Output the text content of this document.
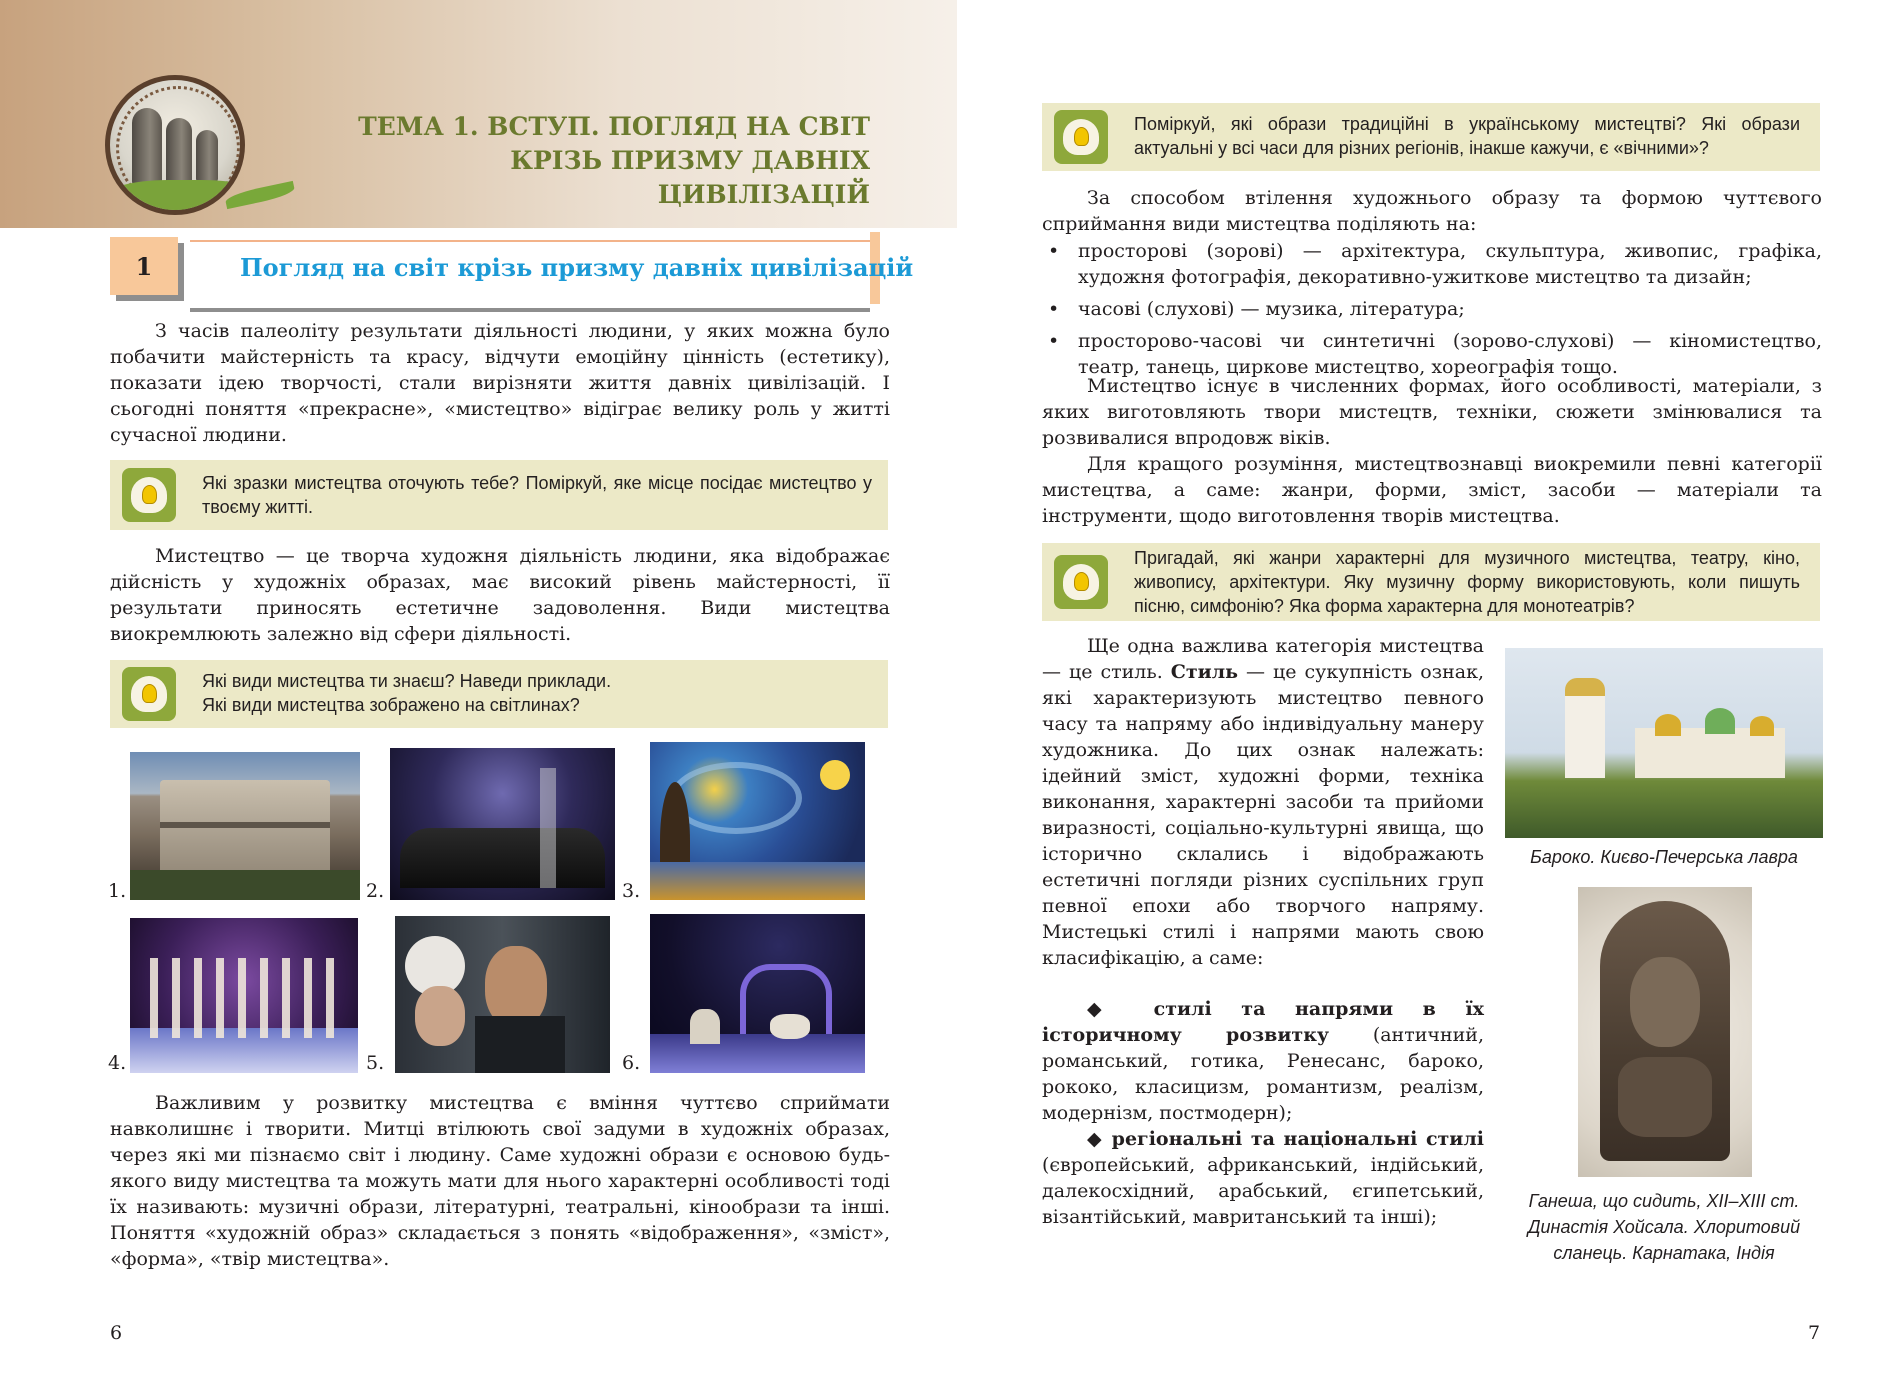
ТЕМА 1. ВСТУП. ПОГЛЯД НА СВІТ
КРІЗЬ ПРИЗМУ ДАВНІХ ЦИВІЛІЗАЦІЙ
1	Погляд на світ крізь призму давніх цивілізацій

З часів палеоліту результати діяльності людини, у яких можна було побачити майстерність та красу, відчути емоційну цінність (естетику), показати ідею творчості, стали вирізняти життя давніх цивілізацій. І сьогодні поняття «прекрасне», «мистецтво» відіграє велику роль у житті сучасної людини.

Які зразки мистецтва оточують тебе? Поміркуй, яке місце посідає мистецтво у твоєму житті.

Мистецтво — це творча художня діяльність людини, яка відображає дійсність у художніх образах, має високий рівень майстерності, її результати приносять естетичне задоволення. Види мистецтва виокремлюють залежно від сфери діяльності.

Які види мистецтва ти знаєш? Наведи приклади.
Які види мистецтва зображено на світлинах?
1.	2.	3.
4.	5.	6.

Важливим у розвитку мистецтва є вміння чуттєво сприймати навколишнє і творити. Митці втілюють свої задуми в художніх образах, через які ми пізнаємо світ і людину. Саме художні образи є основою будь-якого виду мистецтва та можуть мати для нього характерні особливості тоді їх називають: музичні образи, літературні, театральні, кінообрази та інші. Поняття «художній образ» складається з понять «відображення», «зміст», «форма», «твір мистецтва».

6
Поміркуй, які образи традиційні в українському мистецтві? Які образи актуальні у всі часи для різних регіонів, інакше кажучи, є «вічними»?

За способом втілення художнього образу та формою чуттєвого сприймання види мистецтва поділяють на:

• просторові (зорові) — архітектура, скульптура, живопис, графіка, художня фотографія, декоративно-ужиткове мистецтво та дизайн;
• часові (слухові) — музика, література;
• просторово-часові чи синтетичні (зорово-слухові) — кіномистецтво, театр, танець, циркове мистецтво, хореографія тощо.

Мистецтво існує в численних формах, його особливості, матеріали, з яких виготовляють твори мистецтв, техніки, сюжети змінювалися та розвивалися впродовж віків.

Для кращого розуміння, мистецтвознавці виокремили певні категорії мистецтва, а саме: жанри, форми, зміст, засоби — матеріали та інструменти, щодо виготовлення творів мистецтва.

Пригадай, які жанри характерні для музичного мистецтва, театру, кіно, живопису, архітектури. Яку музичну форму використовують, коли пишуть пісню, симфонію? Яка форма характерна для монотеатрів?

Ще одна важлива категорія мистецтва — це стиль. Стиль — це сукупність ознак, які характеризують мистецтво певного часу та напряму або індивідуальну манеру художника. До цих ознак належать: ідейний зміст, художні форми, техніка виконання, характерні засоби та прийоми виразності, соціально-культурні явища, що історично склались і відображають естетичні погляди різних суспільних груп певної епохи або творчого напряму. Мистецькі стилі і напрями мають свою класифікацію, а саме:

◆ стилі та напрями в їх історичному розвитку (античний, романський, готика, Ренесанс, бароко, рококо, класицизм, романтизм, реалізм, модернізм, постмодерн);

◆ регіональні та національні стилі (європейський, африканський, індійський, далекосхідний, арабський, єгипетський, візантійський, мавританський та інші);

Бароко. Києво-Печерська лавра
Ганеша, що сидить, XII–XIII ст.
Династія Хойсала. Хлоритовий
сланець. Карнатака, Індія
7
